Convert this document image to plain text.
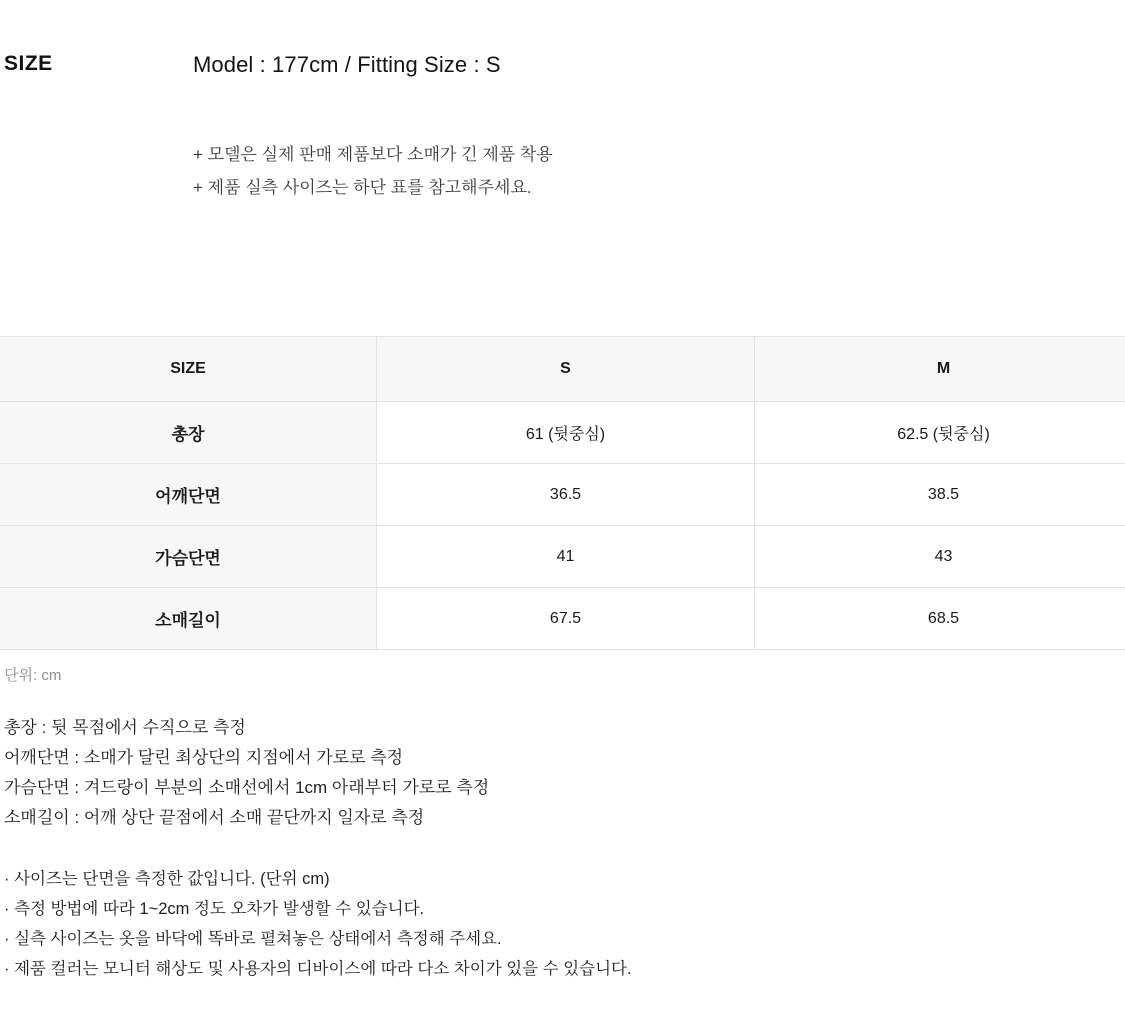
SIZE	Model : 177cm / Fitting Size : S
+ 모델은 실제 판매 제품보다 소매가 긴 제품 착용
+ 제품 실측 사이즈는 하단 표를 참고해주세요.
SIZE	S	M
총장	61 (뒷중심)	62.5 (뒷중심)
어깨단면	36.5	38.5
가슴단면	41	43
소매길이	67.5	68.5
단위: cm
총장 : 뒷 목점에서 수직으로 측정
어깨단면 : 소매가 달린 최상단의 지점에서 가로로 측정
가슴단면 : 겨드랑이 부분의 소매선에서 1cm 아래부터 가로로 측정
소매길이 : 어깨 상단 끝점에서 소매 끝단까지 일자로 측정
· 사이즈는 단면을 측정한 값입니다. (단위 cm)
· 측정 방법에 따라 1~2cm 정도 오차가 발생할 수 있습니다.
· 실측 사이즈는 옷을 바닥에 똑바로 펼쳐놓은 상태에서 측정해 주세요.
· 제품 컬러는 모니터 해상도 및 사용자의 디바이스에 따라 다소 차이가 있을 수 있습니다.
